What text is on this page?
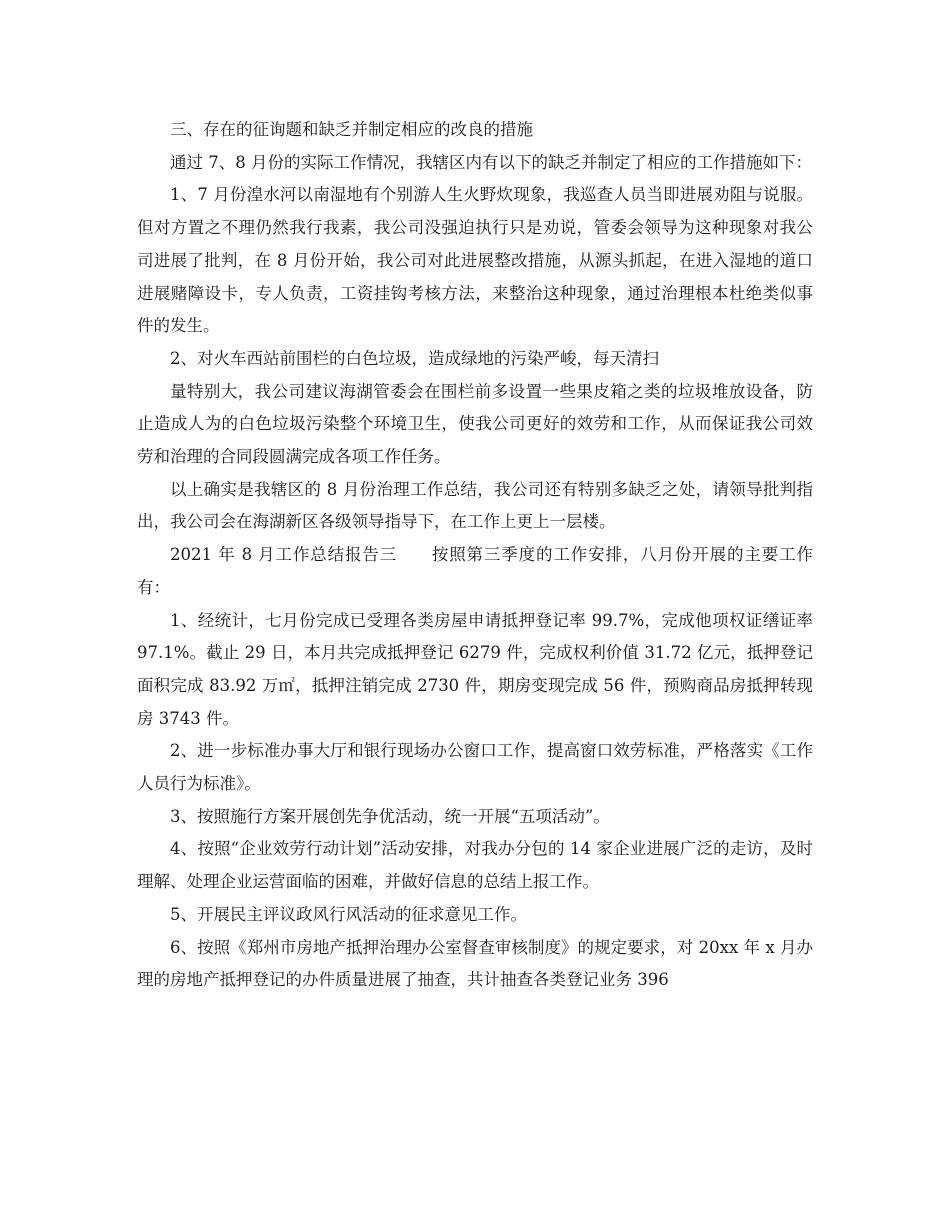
三、存在的征询题和缺乏并制定相应的改良的措施

通过 7、8 月份的实际工作情况，我辖区内有以下的缺乏并制定了相应的工作措施如下：

1、7 月份湟水河以南湿地有个别游人生火野炊现象，我巡查人员当即进展劝阻与说服。但对方置之不理仍然我行我素，我公司没强迫执行只是劝说，管委会领导为这种现象对我公司进展了批判，在 8 月份开始，我公司对此进展整改措施，从源头抓起，在进入湿地的道口进展赌障设卡，专人负责，工资挂钩考核方法，来整治这种现象，通过治理根本杜绝类似事件的发生。

2、对火车西站前围栏的白色垃圾，造成绿地的污染严峻，每天清扫

量特别大，我公司建议海湖管委会在围栏前多设置一些果皮箱之类的垃圾堆放设备，防止造成人为的白色垃圾污染整个环境卫生，使我公司更好的效劳和工作，从而保证我公司效劳和治理的合同段圆满完成各项工作任务。

以上确实是我辖区的 8 月份治理工作总结，我公司还有特别多缺乏之处，请领导批判指出，我公司会在海湖新区各级领导指导下，在工作上更上一层楼。

2021 年 8 月工作总结报告三　　按照第三季度的工作安排，八月份开展的主要工作有：

1、经统计，七月份完成已受理各类房屋申请抵押登记率 99.7%，完成他项权证缮证率 97.1%。截止 29 日，本月共完成抵押登记 6279 件，完成权利价值 31.72 亿元，抵押登记面积完成 83.92 万㎡，抵押注销完成 2730 件，期房变现完成 56 件，预购商品房抵押转现房 3743 件。

2、进一步标准办事大厅和银行现场办公窗口工作，提高窗口效劳标准，严格落实《工作人员行为标准》。

3、按照施行方案开展创先争优活动，统一开展“五项活动”。

4、按照“企业效劳行动计划”活动安排，对我办分包的 14 家企业进展广泛的走访，及时理解、处理企业运营面临的困难，并做好信息的总结上报工作。

5、开展民主评议政风行风活动的征求意见工作。

6、按照《郑州市房地产抵押治理办公室督查审核制度》的规定要求，对 20xx 年 x 月办理的房地产抵押登记的办件质量进展了抽查，共计抽查各类登记业务 396
